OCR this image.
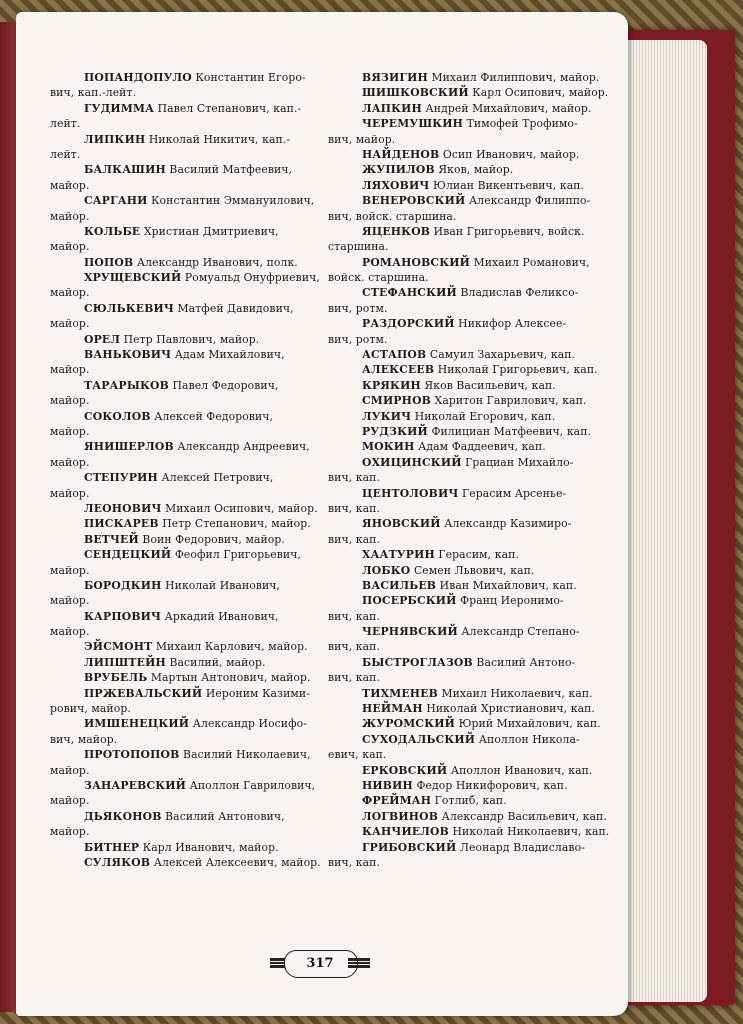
ПОПАНДОПУЛО Константин Егоро-
вич, кап.-лейт.
ГУДИММА Павел Степанович, кап.-
лейт.
ЛИПКИН Николай Никитич, кап.-
лейт.
БАЛКАШИН Василий Матфеевич,
майор.
САРГАНИ Константин Эммануилович,
майор.
КОЛЬБЕ Христиан Дмитриевич,
майор.
ПОПОВ Александр Иванович, полк.
ХРУЩЕВСКИЙ Ромуальд Онуфриевич,
майор.
СЮЛЬКЕВИЧ Матфей Давидович,
майор.
ОРЕЛ Петр Павлович, майор.
ВАНЬКОВИЧ Адам Михайлович,
майор.
ТАРАРЫКОВ Павел Федорович,
майор.
СОКОЛОВ Алексей Федорович,
майор.
ЯНИШЕРЛОВ Александр Андреевич,
майор.
СТЕПУРИН Алексей Петрович,
майор.
ЛЕОНОВИЧ Михаил Осипович, майор.
ПИСКАРЕВ Петр Степанович, майор.
ВЕТЧЕЙ Воин Федорович, майор.
СЕНДЕЦКИЙ Феофил Григорьевич,
майор.
БОРОДКИН Николай Иванович,
майор.
КАРПОВИЧ Аркадий Иванович,
майор.
ЭЙСМОНТ Михаил Карлович, майор.
ЛИПШТЕЙН Василий, майор.
ВРУБЕЛЬ Мартын Антонович, майор.
ПРЖЕВАЛЬСКИЙ Иероним Казими-
рович, майор.
ИМШЕНЕЦКИЙ Александр Иосифо-
вич, майор.
ПРОТОПОПОВ Василий Николаевич,
майор.
ЗАНАРЕВСКИЙ Аполлон Гаврилович,
майор.
ДЬЯКОНОВ Василий Антонович,
майор.
БИТНЕР Карл Иванович, майор.
СУЛЯКОВ Алексей Алексеевич, майор.
ВЯЗИГИН Михаил Филиппович, майор.
ШИШКОВСКИЙ Карл Осипович, майор.
ЛАПКИН Андрей Михайлович, майор.
ЧЕРЕМУШКИН Тимофей Трофимо-
вич, майор.
НАЙДЕНОВ Осип Иванович, майор.
ЖУПИЛОВ Яков, майор.
ЛЯХОВИЧ Юлиан Викентьевич, кап.
ВЕНЕРОВСКИЙ Александр Филиппо-
вич, войск. старшина.
ЯЦЕНКОВ Иван Григорьевич, войск.
старшина.
РОМАНОВСКИЙ Михаил Романович,
войск. старшина.
СТЕФАНСКИЙ Владислав Феликсо-
вич, ротм.
РАЗДОРСКИЙ Никифор Алексее-
вич, ротм.
АСТАПОВ Самуил Захарьевич, кап.
АЛЕКСЕЕВ Николай Григорьевич, кап.
КРЯКИН Яков Васильевич, кап.
СМИРНОВ Харитон Гаврилович, кап.
ЛУКИЧ Николай Егорович, кап.
РУДЗКИЙ Филициан Матфеевич, кап.
МОКИН Адам Фаддеевич, кап.
ОХИЦИНСКИЙ Грациан Михайло-
вич, кап.
ЦЕНТОЛОВИЧ Герасим Арсенье-
вич, кап.
ЯНОВСКИЙ Александр Казимиро-
вич, кап.
ХААТУРИН Герасим, кап.
ЛОБКО Семен Львович, кап.
ВАСИЛЬЕВ Иван Михайлович, кап.
ПОСЕРБСКИЙ Франц Иеронимо-
вич, кап.
ЧЕРНЯВСКИЙ Александр Степано-
вич, кап.
БЫСТРОГЛАЗОВ Василий Антоно-
вич, кап.
ТИХМЕНЕВ Михаил Николаевич, кап.
НЕЙМАН Николай Христианович, кап.
ЖУРОМСКИЙ Юрий Михайлович, кап.
СУХОДАЛЬСКИЙ Аполлон Никола-
евич, кап.
ЕРКОВСКИЙ Аполлон Иванович, кап.
НИВИН Федор Никифорович, кап.
ФРЕЙМАН Готлиб, кап.
ЛОГВИНОВ Александр Васильевич, кап.
КАНЧИЕЛОВ Николай Николаевич, кап.
ГРИБОВСКИЙ Леонард Владиславо-
вич, кап.
317
